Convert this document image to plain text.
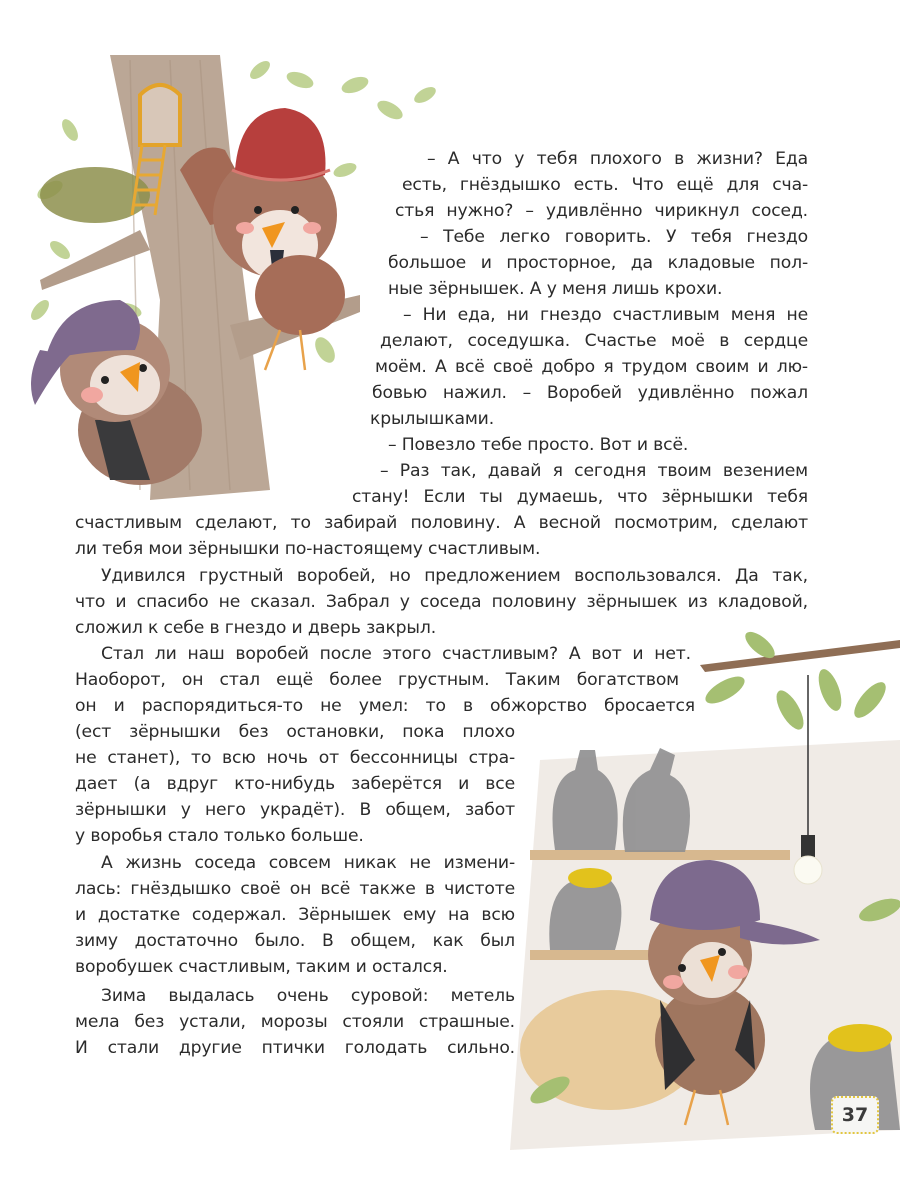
– А что у тебя плохого в жизни? Еда
есть, гнёздышко есть. Что ещё для сча-
стья нужно? – удивлённо чирикнул сосед.
– Тебе легко говорить. У тебя гнездо
большое и просторное, да кладовые пол-
ные зёрнышек. А у меня лишь крохи.
– Ни еда, ни гнездо счастливым меня не
делают, соседушка. Счастье моё в сердце
моём. А всё своё добро я трудом своим и лю-
бовью нажил. – Воробей удивлённо пожал
крылышками.
– Повезло тебе просто. Вот и всё.
– Раз так, давай я сегодня твоим везением
стану! Если ты думаешь, что зёрнышки тебя
счастливым сделают, то забирай половину. А весной посмотрим, сделают
ли тебя мои зёрнышки по-настоящему счастливым.
Удивился грустный воробей, но предложением воспользовался. Да так,
что и спасибо не сказал. Забрал у соседа половину зёрнышек из кладовой,
сложил к себе в гнездо и дверь закрыл.
Стал ли наш воробей после этого счастливым? А вот и нет.
Наоборот, он стал ещё более грустным. Таким богатством
он и распорядиться-то не умел: то в обжорство бросается
(ест зёрнышки без остановки, пока плохо
не станет), то всю ночь от бессонницы стра-
дает (а вдруг кто-нибудь заберётся и все
зёрнышки у него украдёт). В общем, забот
у воробья стало только больше.
А жизнь соседа совсем никак не измени-
лась: гнёздышко своё он всё также в чистоте
и достатке содержал. Зёрнышек ему на всю
зиму достаточно было. В общем, как был
воробушек счастливым, таким и остался.
Зима выдалась очень суровой: метель
мела без устали, морозы стояли страшные.
И стали другие птички голодать сильно.
37
